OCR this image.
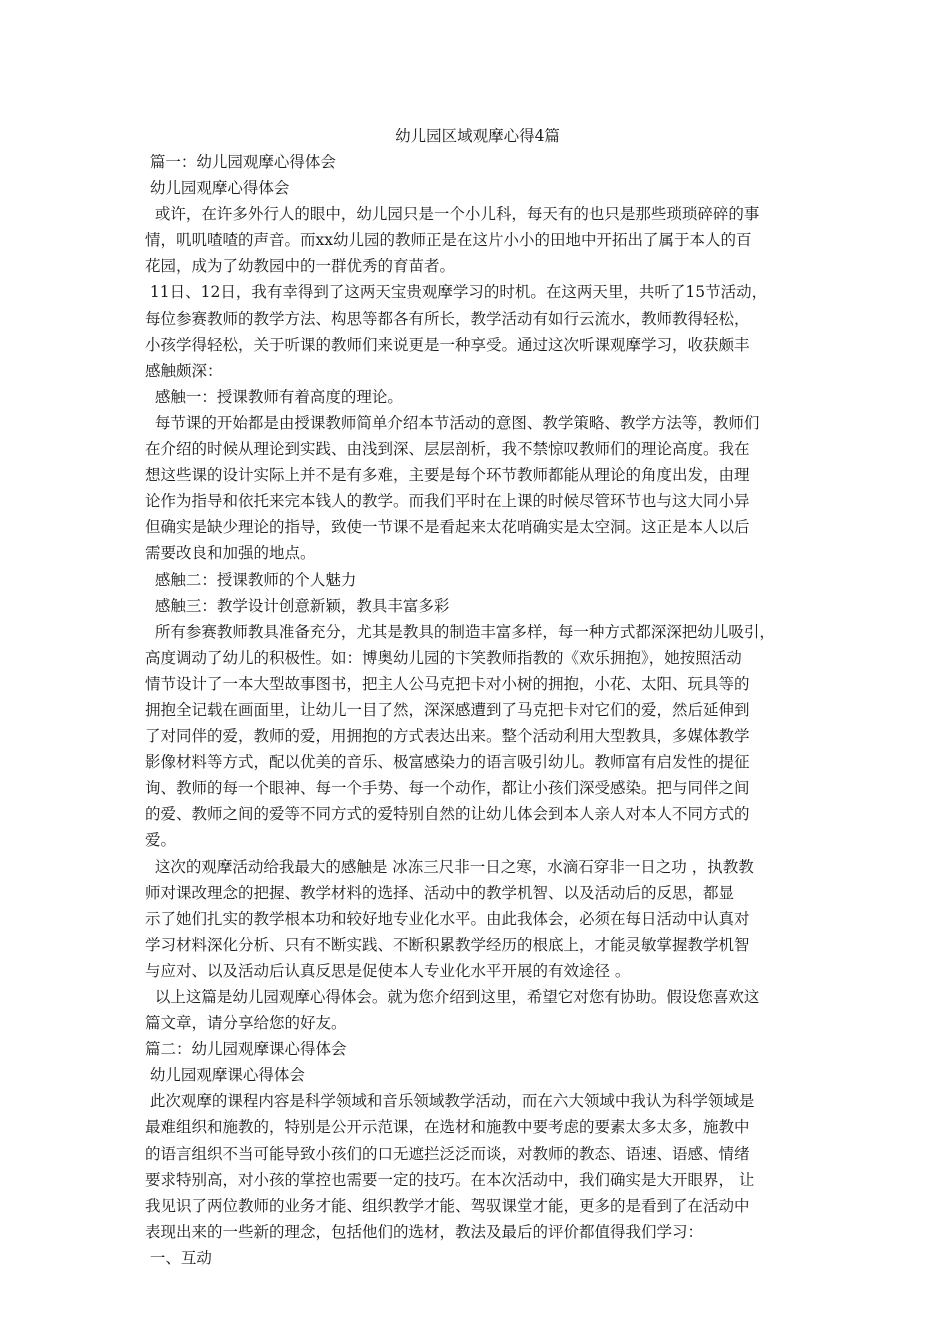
幼儿园区域观摩心得4篇

篇一：幼儿园观摩心得体会

幼儿园观摩心得体会

或许，在许多外行人的眼中，幼儿园只是一个小儿科，每天有的也只是那些琐琐碎碎的事

情，叽叽喳喳的声音。而xx幼儿园的教师正是在这片小小的田地中开拓出了属于本人的百

花园，成为了幼教园中的一群优秀的育苗者。

11日、12日，我有幸得到了这两天宝贵观摩学习的时机。在这两天里，共听了15节活动，

每位参赛教师的教学方法、构思等都各有所长，教学活动有如行云流水，教师教得轻松，

小孩学得轻松，关于听课的教师们来说更是一种享受。通过这次听课观摩学习，收获颇丰

感触颇深：

感触一：授课教师有着高度的理论。

每节课的开始都是由授课教师简单介绍本节活动的意图、教学策略、教学方法等，教师们

在介绍的时候从理论到实践、由浅到深、层层剖析，我不禁惊叹教师们的理论高度。我在

想这些课的设计实际上并不是有多难，主要是每个环节教师都能从理论的角度出发，由理

论作为指导和依托来完本钱人的教学。而我们平时在上课的时候尽管环节也与这大同小异

但确实是缺少理论的指导，致使一节课不是看起来太花哨确实是太空洞。这正是本人以后

需要改良和加强的地点。

感触二：授课教师的个人魅力

感触三：教学设计创意新颖，教具丰富多彩

所有参赛教师教具准备充分，尤其是教具的制造丰富多样，每一种方式都深深把幼儿吸引，

高度调动了幼儿的积极性。如：博奥幼儿园的卞笑教师指教的《欢乐拥抱》，她按照活动

情节设计了一本大型故事图书，把主人公马克把卡对小树的拥抱，小花、太阳、玩具等的

拥抱全记载在画面里，让幼儿一目了然，深深感遭到了马克把卡对它们的爱，然后延伸到

了对同伴的爱，教师的爱，用拥抱的方式表达出来。整个活动利用大型教具，多媒体教学

影像材料等方式，配以优美的音乐、极富感染力的语言吸引幼儿。教师富有启发性的提征

询、教师的每一个眼神、每一个手势、每一个动作，都让小孩们深受感染。把与同伴之间

的爱、教师之间的爱等不同方式的爱特别自然的让幼儿体会到本人亲人对本人不同方式的

爱。

这次的观摩活动给我最大的感触是 冰冻三尺非一日之寒，水滴石穿非一日之功 ，执教教

师对课改理念的把握、教学材料的选择、活动中的教学机智、以及活动后的反思，都显

示了她们扎实的教学根本功和较好地专业化水平。由此我体会，必须在每日活动中认真对

学习材料深化分析、只有不断实践、不断积累教学经历的根底上，才能灵敏掌握教学机智

与应对、以及活动后认真反思是促使本人专业化水平开展的有效途径 。

以上这篇是幼儿园观摩心得体会。就为您介绍到这里，希望它对您有协助。假设您喜欢这

篇文章，请分享给您的好友。

篇二：幼儿园观摩课心得体会

幼儿园观摩课心得体会

此次观摩的课程内容是科学领域和音乐领域教学活动，而在六大领域中我认为科学领域是

最难组织和施教的，特别是公开示范课，在选材和施教中要考虑的要素太多太多，施教中

的语言组织不当可能导致小孩们的口无遮拦泛泛而谈，对教师的教态、语速、语感、情绪

要求特别高，对小孩的掌控也需要一定的技巧。在本次活动中，我们确实是大开眼界， 让

我见识了两位教师的业务才能、组织教学才能、驾驭课堂才能，更多的是看到了在活动中

表现出来的一些新的理念，包括他们的选材，教法及最后的评价都值得我们学习：

一、互动
